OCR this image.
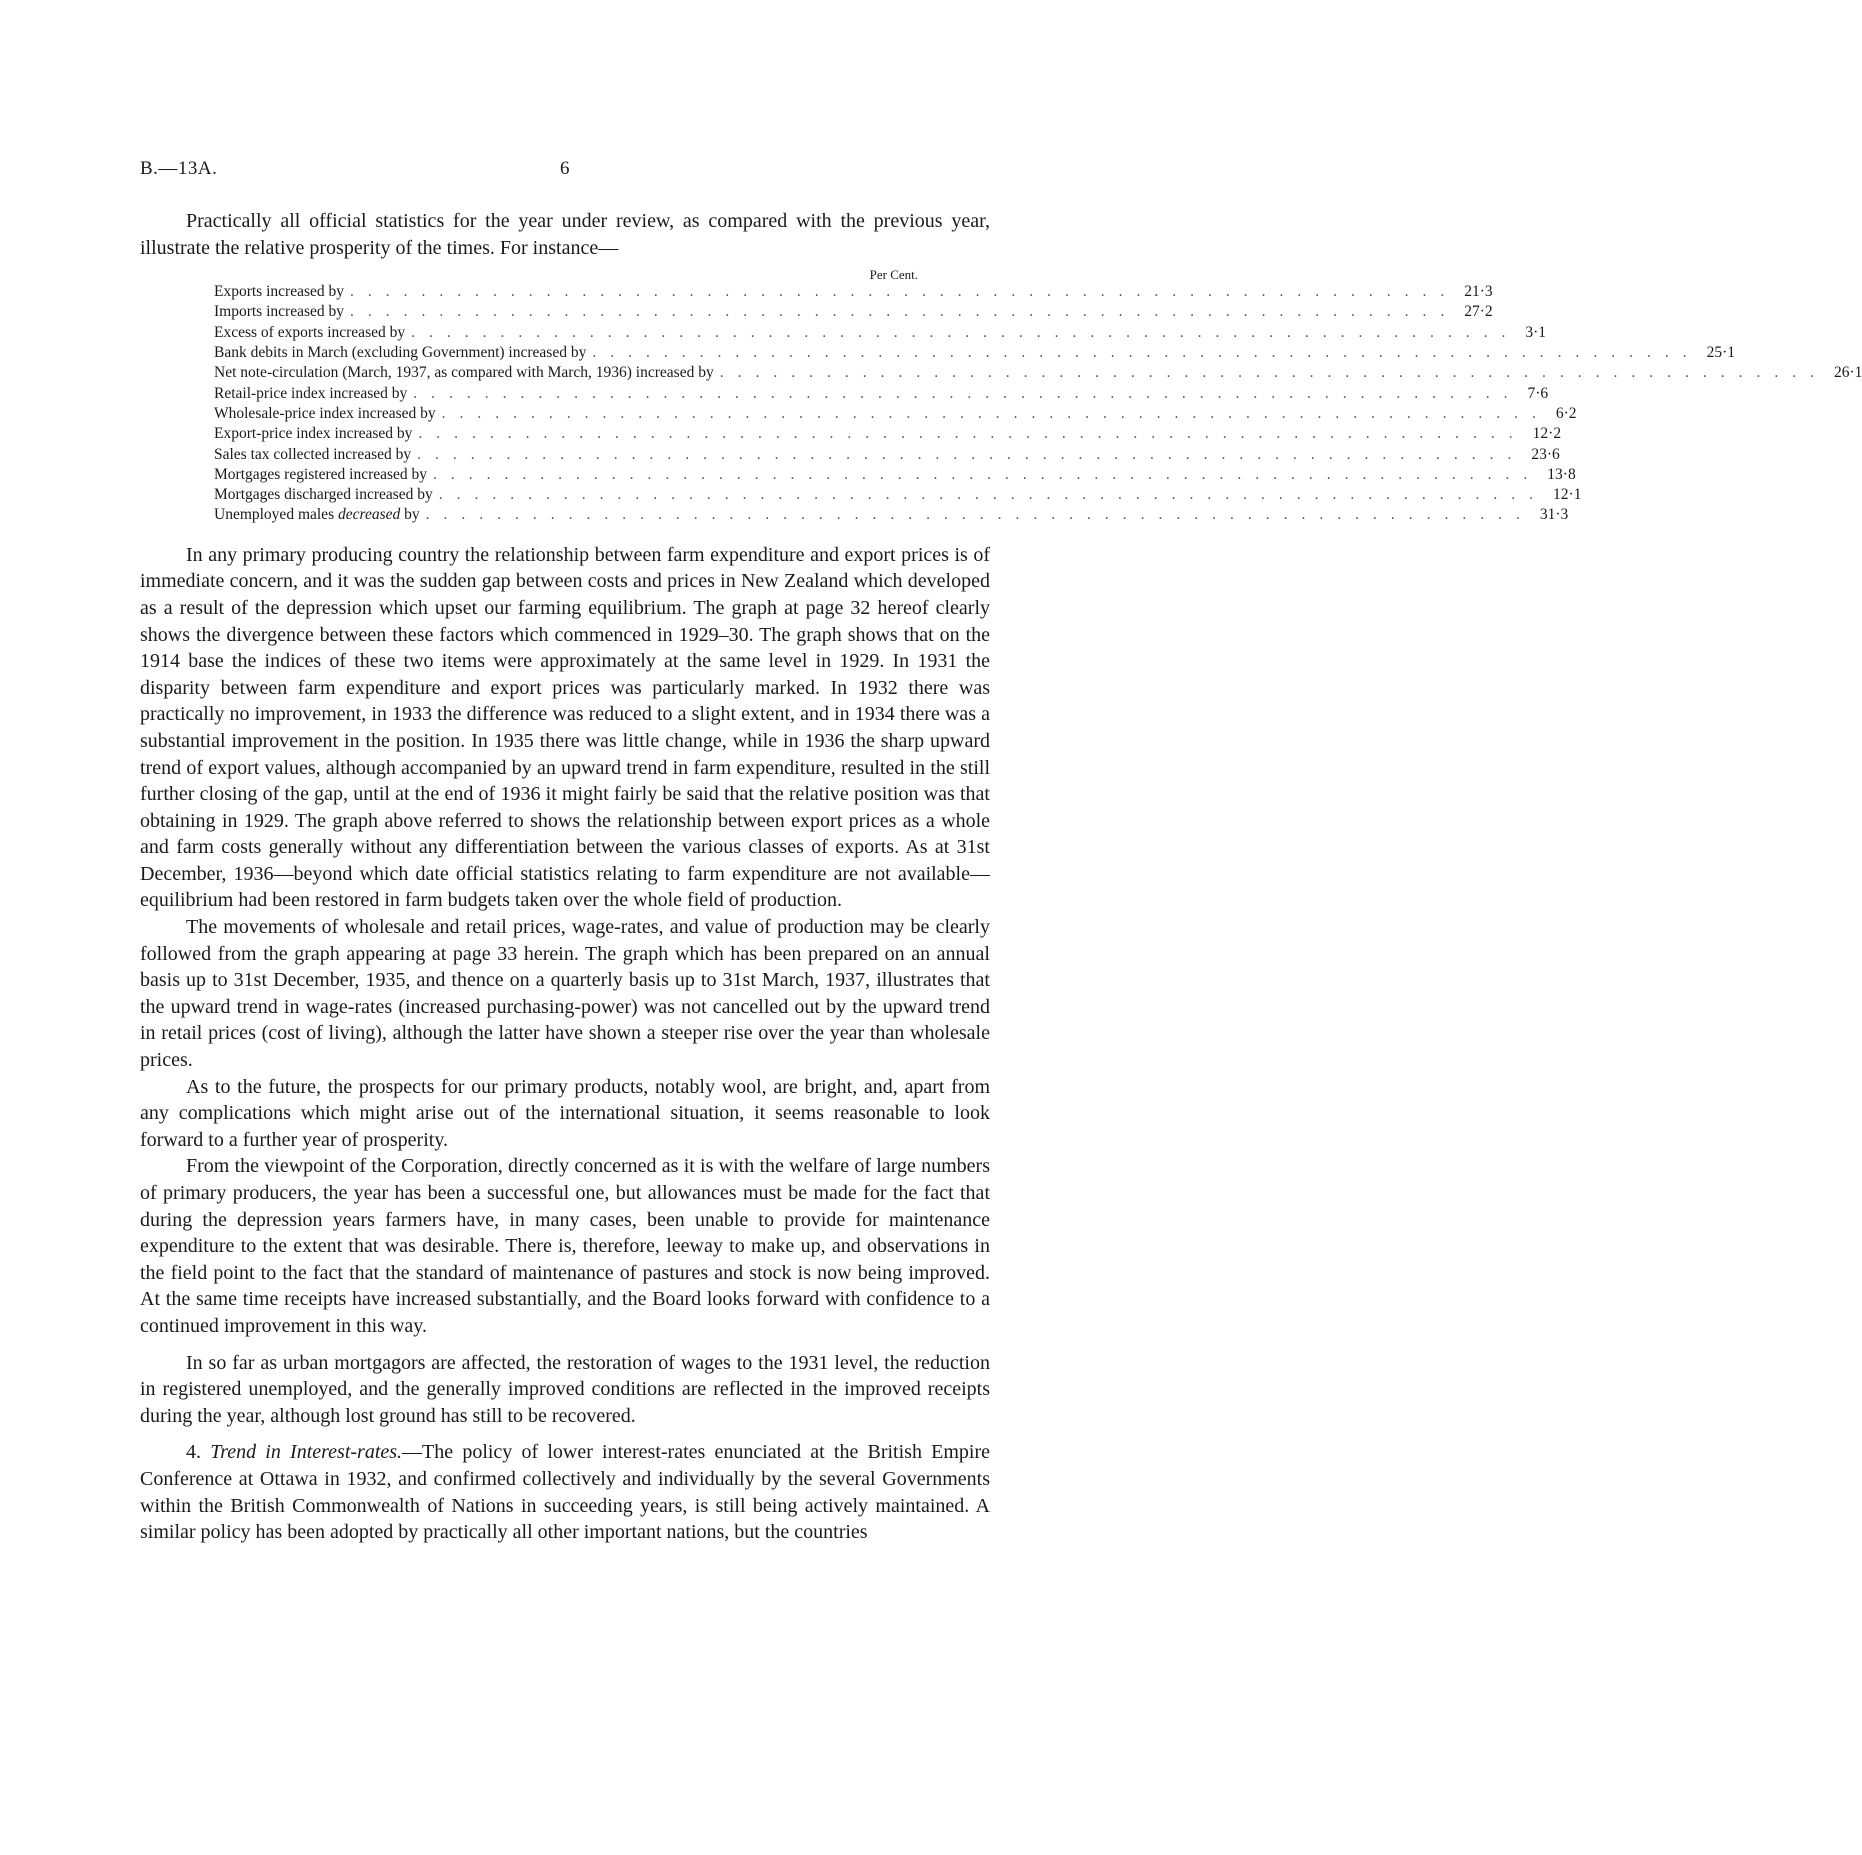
B.—13A.	6

Practically all official statistics for the year under review, as compared with the previous year, illustrate the relative prosperity of the times. For instance—

Per Cent.
Exports increased by .............................................................. 21·3
Imports increased by .............................................................. 27·2
Excess of exports increased by .............................................................. 3·1
Bank debits in March (excluding Government) increased by .............................................................. 25·1
Net note-circulation (March, 1937, as compared with March, 1936) increased by .............................................................. 26·1
Retail-price index increased by .............................................................. 7·6
Wholesale-price index increased by .............................................................. 6·2
Export-price index increased by .............................................................. 12·2
Sales tax collected increased by .............................................................. 23·6
Mortgages registered increased by .............................................................. 13·8
Mortgages discharged increased by .............................................................. 12·1
Unemployed males decreased by .............................................................. 31·3

In any primary producing country the relationship between farm expenditure and export prices is of immediate concern, and it was the sudden gap between costs and prices in New Zealand which developed as a result of the depression which upset our farming equilibrium. The graph at page 32 hereof clearly shows the divergence between these factors which commenced in 1929–30. The graph shows that on the 1914 base the indices of these two items were approximately at the same level in 1929. In 1931 the disparity between farm expenditure and export prices was particularly marked. In 1932 there was practically no improvement, in 1933 the difference was reduced to a slight extent, and in 1934 there was a substantial improvement in the position. In 1935 there was little change, while in 1936 the sharp upward trend of export values, although accompanied by an upward trend in farm expenditure, resulted in the still further closing of the gap, until at the end of 1936 it might fairly be said that the relative position was that obtaining in 1929. The graph above referred to shows the relationship between export prices as a whole and farm costs generally without any differentiation between the various classes of exports. As at 31st December, 1936—beyond which date official statistics relating to farm expenditure are not available—equilibrium had been restored in farm budgets taken over the whole field of production.

The movements of wholesale and retail prices, wage-rates, and value of production may be clearly followed from the graph appearing at page 33 herein. The graph which has been prepared on an annual basis up to 31st December, 1935, and thence on a quarterly basis up to 31st March, 1937, illustrates that the upward trend in wage-rates (increased purchasing-power) was not cancelled out by the upward trend in retail prices (cost of living), although the latter have shown a steeper rise over the year than wholesale prices.

As to the future, the prospects for our primary products, notably wool, are bright, and, apart from any complications which might arise out of the international situation, it seems reasonable to look forward to a further year of prosperity.

From the viewpoint of the Corporation, directly concerned as it is with the welfare of large numbers of primary producers, the year has been a successful one, but allowances must be made for the fact that during the depression years farmers have, in many cases, been unable to provide for maintenance expenditure to the extent that was desirable. There is, therefore, leeway to make up, and observations in the field point to the fact that the standard of maintenance of pastures and stock is now being improved. At the same time receipts have increased substantially, and the Board looks forward with confidence to a continued improvement in this way.

In so far as urban mortgagors are affected, the restoration of wages to the 1931 level, the reduction in registered unemployed, and the generally improved conditions are reflected in the improved receipts during the year, although lost ground has still to be recovered.

4. Trend in Interest-rates.—The policy of lower interest-rates enunciated at the British Empire Conference at Ottawa in 1932, and confirmed collectively and individually by the several Governments within the British Commonwealth of Nations in succeeding years, is still being actively maintained. A similar policy has been adopted by practically all other important nations, but the countries
